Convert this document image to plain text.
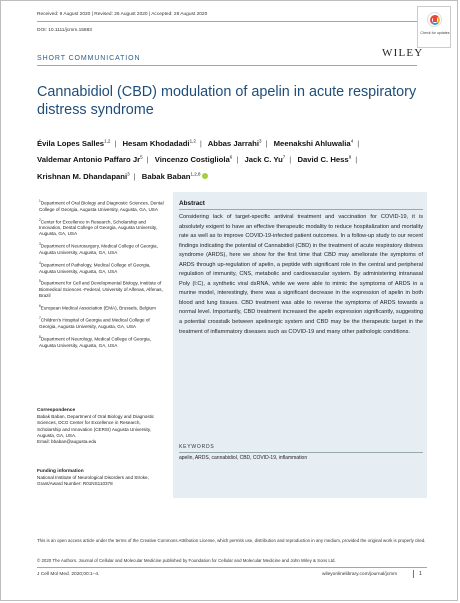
Received: 9 August 2020 | Revised: 26 August 2020 | Accepted: 28 August 2020
DOI: 10.1111/jcmm.15883	Check for updates
WILEY
SHORT COMMUNICATION
Cannabidiol (CBD) modulation of apelin in acute respiratory distress syndrome
Évila Lopes Salles$^{1,2}$ | Hesam Khodadadi$^{1,2}$ | Abbas Jarrahi$^3$ | Meenakshi Ahluwalia$^4$ |
Valdemar Antonio Paffaro Jr$^5$ | Vincenzo Costigliola$^6$ | Jack C. Yu$^7$ | David C. Hess$^8$ |
Krishnan M. Dhandapani$^3$ | Babak Baban$^{1,2,8}$
$^1$Department of Oral Biology and Diagnostic Sciences, Dental College of Georgia, Augusta University, Augusta, GA, USA
$^2$Center for Excellence in Research, Scholarship and Innovation, Dental College of Georgia, Augusta University, Augusta, GA, USA
$^3$Department of Neurosurgery, Medical College of Georgia, Augusta University, Augusta, GA, USA
$^4$Department of Pathology, Medical College of Georgia, Augusta University, Augusta, GA, USA
$^5$Department for Cell and Developmental Biology, Institute of Biomedical Sciences -Federal, University of Alfenas, Alfenas, Brazil
$^6$European Medical Association (EMA), Brussels, Belgium
$^7$Children's Hospital of Georgia and Medical College of Georgia, Augusta University, Augusta, GA, USA
$^8$Department of Neurology, Medical College of Georgia, Augusta University, Augusta, GA, USA
Correspondence
Babak Baban, Department of Oral Biology and Diagnostic Sciences, DCG Center for Excellence in Research, Scholarship and Innovation (CERSI) Augusta University, Augusta, GA, USA.
Email: bbaban@augusta.edu
Funding information
National Institute of Neurological Disorders and Stroke, Grant/Award Number: R01NS110378
Abstract
Considering lack of target-specific antiviral treatment and vaccination for COVID-19, it is absolutely exigent to have an effective therapeutic modality to reduce hospitalization and mortality rate as well as to improve COVID-19-infected patient outcomes. In a follow-up study to our recent findings indicating the potential of Cannabidiol (CBD) in the treatment of acute respiratory distress syndrome (ARDS), here we show for the first time that CBD may ameliorate the symptoms of ARDS through up-regulation of apelin, a peptide with significant role in the central and peripheral regulation of immunity, CNS, metabolic and cardiovascular system. By administering intranasal Poly (I:C), a synthetic viral dsRNA, while we were able to mimic the symptoms of ARDS in a murine model, interestingly, there was a significant decrease in the expression of apelin in both blood and lung tissues. CBD treatment was able to reverse the symptoms of ARDS towards a normal level. Importantly, CBD treatment increased the apelin expression significantly, suggesting a potential crosstalk between apelinergic system and CBD may be the therapeutic target in the treatment of inflammatory diseases such as COVID-19 and many other pathologic conditions.
KEYWORDS
apelin, ARDS, cannabidiol, CBD, COVID-19, inflammation
This is an open access article under the terms of the Creative Commons Attribution License, which permits use, distribution and reproduction in any medium, provided the original work is properly cited.
© 2020 The Authors. Journal of Cellular and Molecular Medicine published by Foundation for Cellular and Molecular Medicine and John Wiley & Sons Ltd.
J Cell Mol Med. 2020;00:1–4.	wileyonlinelibrary.com/journal/jcmm	1
